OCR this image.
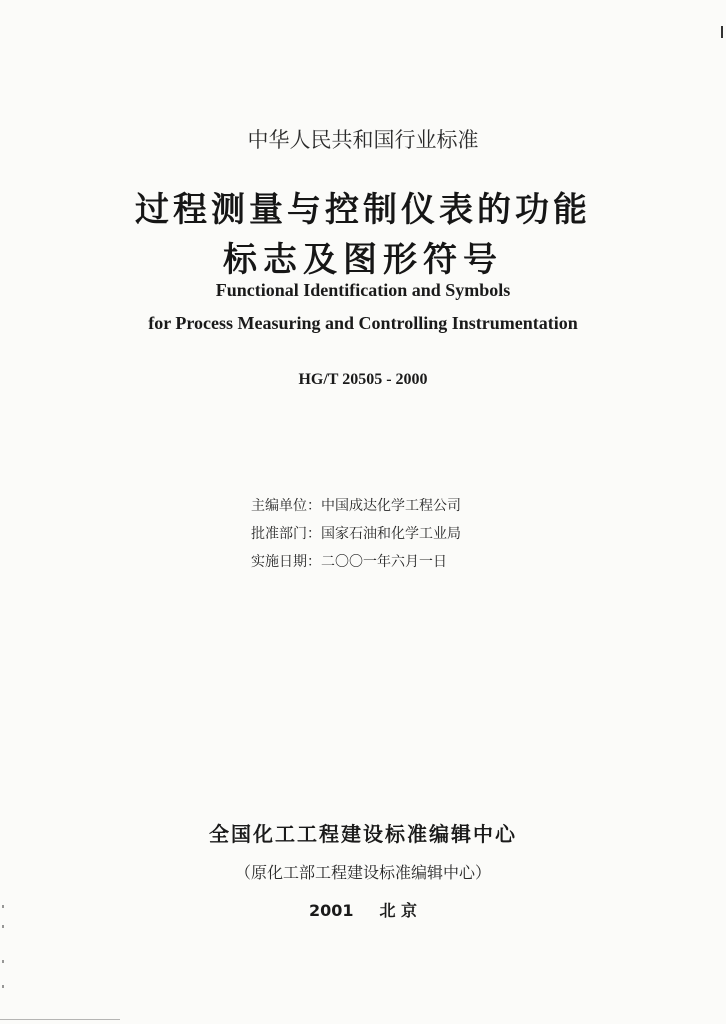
中华人民共和国行业标准
过程测量与控制仪表的功能
标志及图形符号
Functional Identification and Symbols
for Process Measuring and Controlling Instrumentation
HG/T 20505 - 2000
主编单位：中国成达化学工程公司
批准部门：国家石油和化学工业局
实施日期：二〇〇一年六月一日
全国化工工程建设标准编辑中心
（原化工部工程建设标准编辑中心）
2001 北 京
